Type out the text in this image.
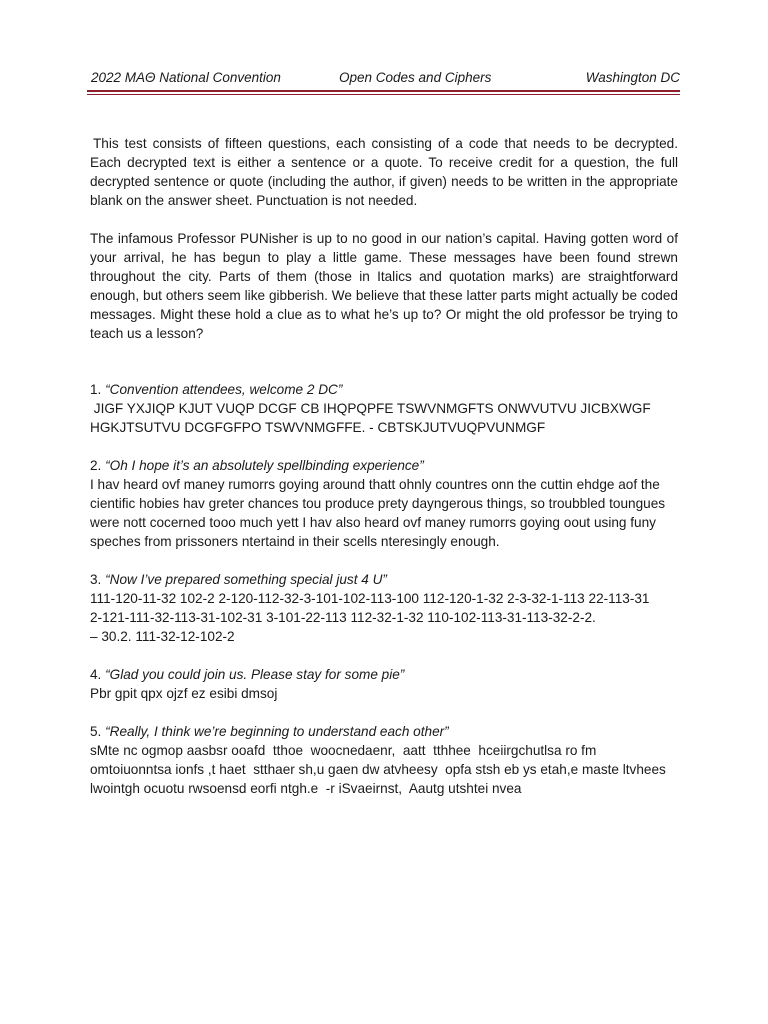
2022 MAΘ National Convention	Open Codes and Ciphers	Washington DC

This test consists of fifteen questions, each consisting of a code that needs to be decrypted. Each decrypted text is either a sentence or a quote. To receive credit for a question, the full decrypted sentence or quote (including the author, if given) needs to be written in the appropriate blank on the answer sheet. Punctuation is not needed.

The infamous Professor PUNisher is up to no good in our nation’s capital. Having gotten word of your arrival, he has begun to play a little game. These messages have been found strewn throughout the city. Parts of them (those in Italics and quotation marks) are straightforward enough, but others seem like gibberish. We believe that these latter parts might actually be coded messages. Might these hold a clue as to what he’s up to? Or might the old professor be trying to teach us a lesson?

1. “Convention attendees, welcome 2 DC”
JIGF YXJIQP KJUT VUQP DCGF CB IHQPQPFE TSWVNMGFTS ONWVUTVU JICBXWGF
HGKJTSUTVU DCGFGFPO TSWVNMGFFE. - CBTSKJUTVUQPVUNMGF
2. “Oh I hope it’s an absolutely spellbinding experience”
I hav heard ovf maney rumorrs goying around thatt ohnly countres onn the cuttin ehdge aof the
cientific hobies hav greter chances tou produce prety dayngerous things, so troubbled toungues
were nott cocerned tooo much yett I hav also heard ovf maney rumorrs goying oout using funy
speches from prissoners ntertaind in their scells nteresingly enough.
3. “Now I’ve prepared something special just 4 U”
111-120-11-32 102-2 2-120-112-32-3-101-102-113-100 112-120-1-32 2-3-32-1-113 22-113-31
2-121-111-32-113-31-102-31 3-101-22-113 112-32-1-32 110-102-113-31-113-32-2-2.
– 30.2. 111-32-12-102-2
4. “Glad you could join us. Please stay for some pie”
Pbr gpit qpx ojzf ez esibi dmsoj
5. “Really, I think we’re beginning to understand each other”
sMte nc ogmop aasbsr ooafd  tthoe  woocnedaenr,  aatt  tthhee  hceiirgchutlsa ro fm
omtoiuonntsa ionfs ,t haet  stthaer sh,u gaen dw atvheesy  opfa stsh eb ys etah,e maste ltvhees
lwointgh ocuotu rwsoensd eorfi ntgh.e  -r iSvaeirnst,  Aautg utshtei nvea
